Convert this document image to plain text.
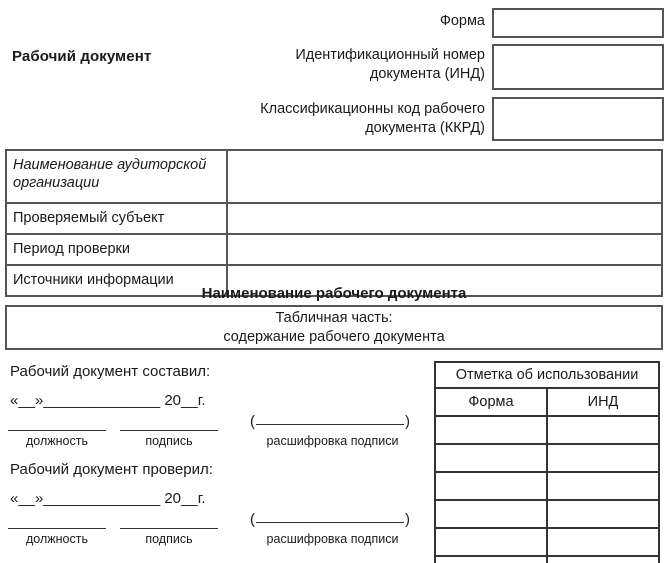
Рабочий документ
Форма
Идентификационный номер документа (ИНД)
Классификационны код рабочего документа (ККРД)
Наименование аудиторской организации	
Проверяемый субъект	
Период проверки	
Источники информации	
Наименование рабочего документа
Табличная часть:
содержание рабочего документа
Рабочий документ составил:
«__»______________ 20__г.
должность	подпись
(	)
расшифровка подписи
Рабочий документ проверил:
«__»______________ 20__г.
должность	подпись
(	)
расшифровка подписи
Отметка об использовании	
Форма	ИНД
